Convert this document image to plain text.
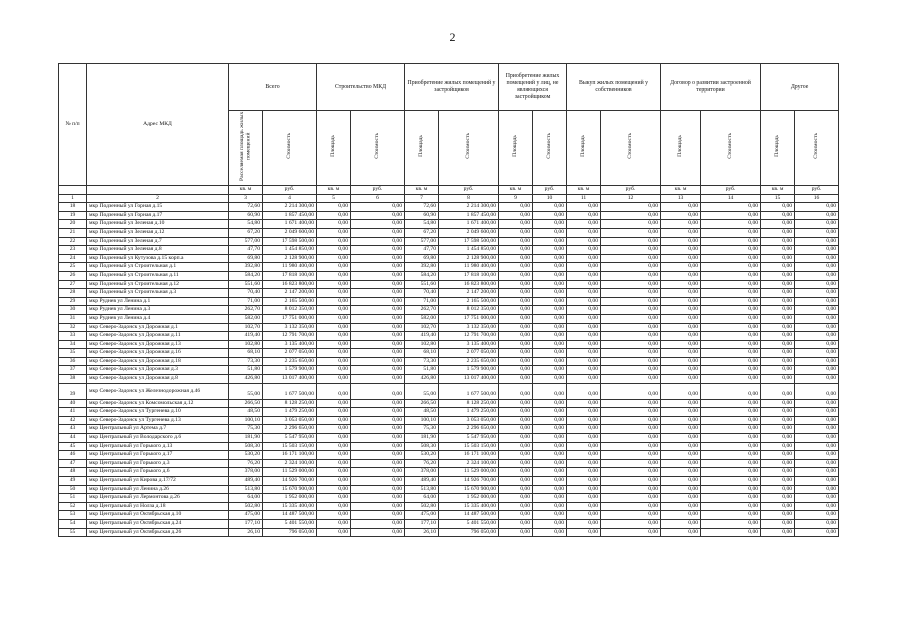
2
№ п/п	Адрес МКД	Всего		Строительство МКД		Приобретение жилых помещений у застройщиков		Приобретение жилых помещений у лиц, не являющихся застройщиком		Выкуп жилых помещений у собственников		Договор о развитии застроенной территории		Другое	
		Расселяемая площадь жилых помещений	Стоимость	Площадь	Стоимость	Площадь	Стоимость	Площадь	Стоимость	Площадь	Стоимость	Площадь	Стоимость	Площадь	Стоимость
		кв. м	руб.	кв. м	руб.	кв. м	руб.	кв. м	руб.	кв. м	руб.	кв. м	руб.	кв. м	руб.
1	2	3	4	5	6	7	8	9	10	11	12	13	14	15	16
18	мкр Подзенный ул Горная д.15	72,60	2 214 300,00	0,00	0,00	72,60	2 214 300,00	0,00	0,00	0,00	0,00	0,00	0,00	0,00	0,00
19	мкр Подзенный ул Горная д.17	60,90	1 857 450,00	0,00	0,00	60,90	1 857 450,00	0,00	0,00	0,00	0,00	0,00	0,00	0,00	0,00
20	мкр Подзенный ул Зеленая д.10	54,80	1 671 400,00	0,00	0,00	54,80	1 671 400,00	0,00	0,00	0,00	0,00	0,00	0,00	0,00	0,00
21	мкр Подзенный ул Зеленая д.12	67,20	2 049 600,00	0,00	0,00	67,20	2 049 600,00	0,00	0,00	0,00	0,00	0,00	0,00	0,00	0,00
22	мкр Подзенный ул Зеленая д.7	577,00	17 598 500,00	0,00	0,00	577,00	17 598 500,00	0,00	0,00	0,00	0,00	0,00	0,00	0,00	0,00
23	мкр Подзенный ул Зеленая д.8	47,70	1 454 850,00	0,00	0,00	47,70	1 454 850,00	0,00	0,00	0,00	0,00	0,00	0,00	0,00	0,00
24	мкр Подзенный ул Кутузова д.15 корп.а	69,80	2 128 900,00	0,00	0,00	69,80	2 128 900,00	0,00	0,00	0,00	0,00	0,00	0,00	0,00	0,00
25	мкр Подзенный ул Строительная д.1	392,80	11 980 400,00	0,00	0,00	392,80	11 980 400,00	0,00	0,00	0,00	0,00	0,00	0,00	0,00	0,00
26	мкр Подзенный ул Строительная д.11	584,20	17 818 100,00	0,00	0,00	584,20	17 818 100,00	0,00	0,00	0,00	0,00	0,00	0,00	0,00	0,00
27	мкр Подзенный ул Строительная д.12	551,60	16 823 800,00	0,00	0,00	551,60	16 823 800,00	0,00	0,00	0,00	0,00	0,00	0,00	0,00	0,00
28	мкр Подзенный ул Строительная д.3	70,40	2 147 200,00	0,00	0,00	70,40	2 147 200,00	0,00	0,00	0,00	0,00	0,00	0,00	0,00	0,00
29	мкр Руднев ул Ленина д.1	71,00	2 165 500,00	0,00	0,00	71,00	2 165 500,00	0,00	0,00	0,00	0,00	0,00	0,00	0,00	0,00
30	мкр Руднев ул Ленина д.3	262,70	8 012 350,00	0,00	0,00	262,70	8 012 350,00	0,00	0,00	0,00	0,00	0,00	0,00	0,00	0,00
31	мкр Руднев ул Ленина д.4	582,00	17 751 000,00	0,00	0,00	582,00	17 751 000,00	0,00	0,00	0,00	0,00	0,00	0,00	0,00	0,00
32	мкр Северо-Задонск ул Дорожная д.1	102,70	3 132 350,00	0,00	0,00	102,70	3 132 350,00	0,00	0,00	0,00	0,00	0,00	0,00	0,00	0,00
33	мкр Северо-Задонск ул Дорожная д.11	419,40	12 791 700,00	0,00	0,00	419,40	12 791 700,00	0,00	0,00	0,00	0,00	0,00	0,00	0,00	0,00
34	мкр Северо-Задонск ул Дорожная д.13	102,80	3 135 400,00	0,00	0,00	102,80	3 135 400,00	0,00	0,00	0,00	0,00	0,00	0,00	0,00	0,00
35	мкр Северо-Задонск ул Дорожная д.16	68,10	2 077 050,00	0,00	0,00	68,10	2 077 050,00	0,00	0,00	0,00	0,00	0,00	0,00	0,00	0,00
36	мкр Северо-Задонск ул Дорожная д.18	73,30	2 235 650,00	0,00	0,00	73,30	2 235 650,00	0,00	0,00	0,00	0,00	0,00	0,00	0,00	0,00
37	мкр Северо-Задонск ул Дорожная д.3	51,80	1 579 900,00	0,00	0,00	51,80	1 579 900,00	0,00	0,00	0,00	0,00	0,00	0,00	0,00	0,00
38	мкр Северо-Задонск ул Дорожная д.8	426,80	13 017 400,00	0,00	0,00	426,80	13 017 400,00	0,00	0,00	0,00	0,00	0,00	0,00	0,00	0,00
39	мкр Северо-Задонск ул Железнодорожная д.46	55,00	1 677 500,00	0,00	0,00	55,00	1 677 500,00	0,00	0,00	0,00	0,00	0,00	0,00	0,00	0,00
40	мкр Северо-Задонск ул Комсомольская д.12	266,50	8 128 250,00	0,00	0,00	266,50	8 128 250,00	0,00	0,00	0,00	0,00	0,00	0,00	0,00	0,00
41	мкр Северо-Задонск ул Тургенева д.10	48,50	1 479 250,00	0,00	0,00	48,50	1 479 250,00	0,00	0,00	0,00	0,00	0,00	0,00	0,00	0,00
42	мкр Северо-Задонск ул Тургенева д.13	100,10	3 053 050,00	0,00	0,00	100,10	3 053 050,00	0,00	0,00	0,00	0,00	0,00	0,00	0,00	0,00
43	мкр Центральный ул Артема д.7	75,30	2 296 650,00	0,00	0,00	75,30	2 296 650,00	0,00	0,00	0,00	0,00	0,00	0,00	0,00	0,00
44	мкр Центральный ул Володарского д.6	181,90	5 547 950,00	0,00	0,00	181,90	5 547 950,00	0,00	0,00	0,00	0,00	0,00	0,00	0,00	0,00
45	мкр Центральный ул Горького д.13	508,30	15 503 150,00	0,00	0,00	508,30	15 503 150,00	0,00	0,00	0,00	0,00	0,00	0,00	0,00	0,00
46	мкр Центральный ул Горького д.17	530,20	16 171 100,00	0,00	0,00	530,20	16 171 100,00	0,00	0,00	0,00	0,00	0,00	0,00	0,00	0,00
47	мкр Центральный ул Горького д.3	76,20	2 324 100,00	0,00	0,00	76,20	2 324 100,00	0,00	0,00	0,00	0,00	0,00	0,00	0,00	0,00
48	мкр Центральный ул Горького д.6	378,00	11 529 000,00	0,00	0,00	378,00	11 529 000,00	0,00	0,00	0,00	0,00	0,00	0,00	0,00	0,00
49	мкр Центральный ул Кирова д.17/72	489,40	14 926 700,00	0,00	0,00	489,40	14 926 700,00	0,00	0,00	0,00	0,00	0,00	0,00	0,00	0,00
50	мкр Центральный ул Ленина д.26	513,80	15 670 900,00	0,00	0,00	513,80	15 670 900,00	0,00	0,00	0,00	0,00	0,00	0,00	0,00	0,00
51	мкр Центральный ул Лермонтова д.26	64,00	1 952 000,00	0,00	0,00	64,00	1 952 000,00	0,00	0,00	0,00	0,00	0,00	0,00	0,00	0,00
52	мкр Центральный ул Нолза д.18	502,80	15 335 400,00	0,00	0,00	502,80	15 335 400,00	0,00	0,00	0,00	0,00	0,00	0,00	0,00	0,00
53	мкр Центральный ул Октябрьская д.10	475,00	14 487 500,00	0,00	0,00	475,00	14 487 500,00	0,00	0,00	0,00	0,00	0,00	0,00	0,00	0,00
54	мкр Центральный ул Октябрьская д.24	177,10	5 401 550,00	0,00	0,00	177,10	5 401 550,00	0,00	0,00	0,00	0,00	0,00	0,00	0,00	0,00
55	мкр Центральный ул Октябрьская д.26	26,10	796 050,00	0,00	0,00	26,10	796 050,00	0,00	0,00	0,00	0,00	0,00	0,00	0,00	0,00
